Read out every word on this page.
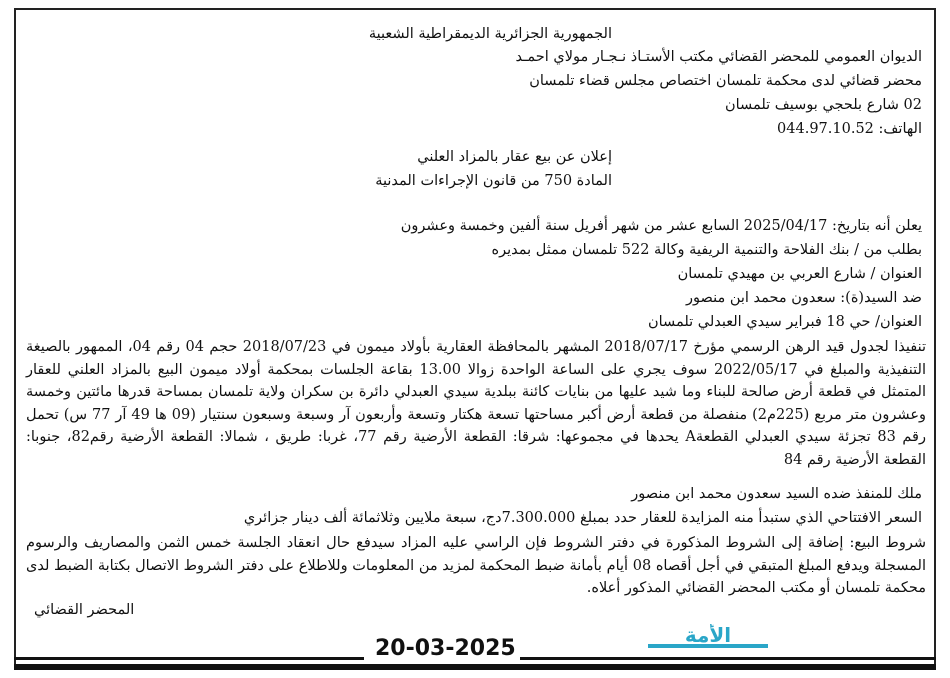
الجمهورية الجزائرية الديمقراطية الشعبية
الديوان العمومي للمحضر القضائي مكتب الأستـاذ نـجـار مولاي احمـد
محضر قضائي لدى محكمة تلمسان اختصاص مجلس قضاء تلمسان
02 شارع بلحجي بوسيف تلمسان
الهاتف: 044.97.10.52
إعلان عن بيع عقار بالمزاد العلني
المادة 750 من قانون الإجراءات المدنية
يعلن أنه بتاريخ: 2025/04/17 السابع عشر من شهر أفريل سنة ألفين وخمسة وعشرون
بطلب من / بنك الفلاحة والتنمية الريفية وكالة 522 تلمسان ممثل بمديره
العنوان / شارع العربي بن مهيدي تلمسان
ضد السيد(ة): سعدون محمد ابن منصور
العنوان/ حي 18 فبراير سيدي العبدلي تلمسان
تنفيذا لجدول قيد الرهن الرسمي مؤرخ 2018/07/17 المشهر بالمحافظة العقارية بأولاد ميمون في 2018/07/23 حجم 04 رقم 04، الممهور بالصيغة التنفيذية والمبلغ في 2022/05/17 سوف يجري على الساعة الواحدة زوالا 13.00 بقاعة الجلسات بمحكمة أولاد ميمون البيع بالمزاد العلني للعقار المتمثل في قطعة أرض صالحة للبناء وما شيد عليها من بنايات كائنة ببلدية سيدي العبدلي دائرة بن سكران ولاية تلمسان بمساحة قدرها مائتين وخمسة وعشرون متر مربع (225م2) منفصلة من قطعة أرض أكبر مساحتها تسعة هكتار وتسعة وأربعون آر وسبعة وسبعون سنتيار (09 ها 49 آر 77 س) تحمل رقم 83 تجزئة سيدي العبدلي القطعةA يحدها في مجموعها: شرقا: القطعة الأرضية رقم 77، غربا: طريق ، شمالا: القطعة الأرضية رقم82، جنوبا: القطعة الأرضية رقم 84
ملك للمنفذ ضده السيد سعدون محمد ابن منصور
السعر الافتتاحي الذي ستبدأ منه المزايدة للعقار حدد بمبلغ 7.300.000دج، سبعة ملايين وثلاثمائة ألف دينار جزائري
شروط البيع: إضافة إلى الشروط المذكورة في دفتر الشروط فإن الراسي عليه المزاد سيدفع حال انعقاد الجلسة خمس الثمن والمصاريف والرسوم المسجلة ويدفع المبلغ المتبقي في أجل أقصاه 08 أيام بأمانة ضبط المحكمة لمزيد من المعلومات وللاطلاع على دفتر الشروط الاتصال بكتابة الضبط لدى محكمة تلمسان أو مكتب المحضر القضائي المذكور أعلاه.
المحضر القضائي
20-03-2025
الأمة
